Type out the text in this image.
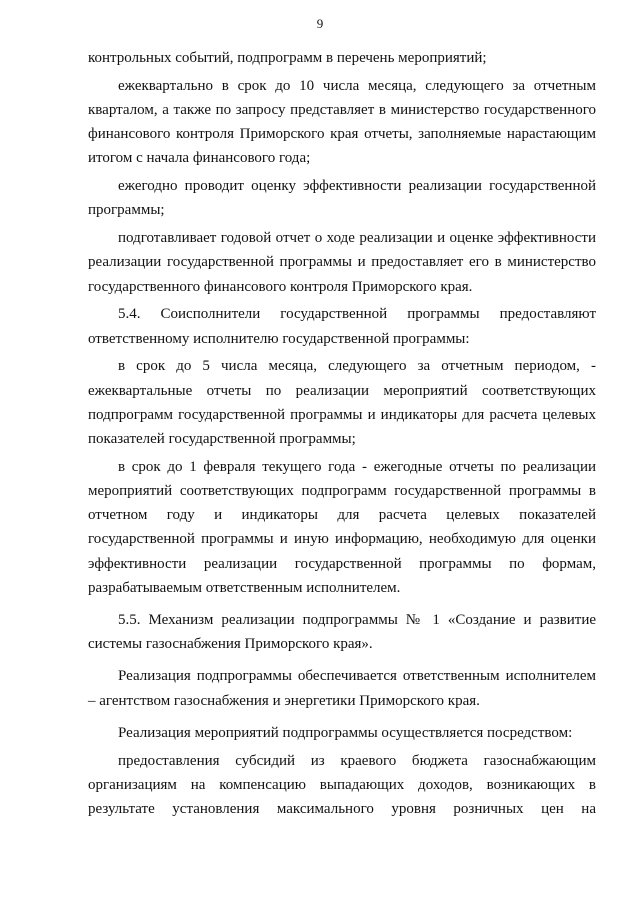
9

контрольных событий, подпрограмм в перечень мероприятий;

ежеквартально в срок до 10 числа месяца, следующего за отчетным кварталом, а также по запросу представляет в министерство государственного финансового контроля Приморского края отчеты, заполняемые нарастающим итогом с начала финансового года;

ежегодно проводит оценку эффективности реализации государственной программы;

подготавливает годовой отчет о ходе реализации и оценке эффективности реализации государственной программы и предоставляет его в министерство государственного финансового контроля Приморского края.

5.4. Соисполнители государственной программы предоставляют ответственному исполнителю государственной программы:

в срок до 5 числа месяца, следующего за отчетным периодом, - ежеквартальные отчеты по реализации мероприятий соответствующих подпрограмм государственной программы и индикаторы для расчета целевых показателей государственной программы;

в срок до 1 февраля текущего года - ежегодные отчеты по реализации мероприятий соответствующих подпрограмм государственной программы в отчетном году и индикаторы для расчета целевых показателей государственной программы и иную информацию, необходимую для оценки эффективности реализации государственной программы по формам, разрабатываемым ответственным исполнителем.

5.5. Механизм реализации подпрограммы № 1 «Создание и развитие системы газоснабжения Приморского края».

Реализация подпрограммы обеспечивается ответственным исполнителем – агентством газоснабжения и энергетики Приморского края.

Реализация мероприятий подпрограммы осуществляется посредством:

предоставления субсидий из краевого бюджета газоснабжающим организациям на компенсацию выпадающих доходов, возникающих в результате установления максимального уровня розничных цен на
